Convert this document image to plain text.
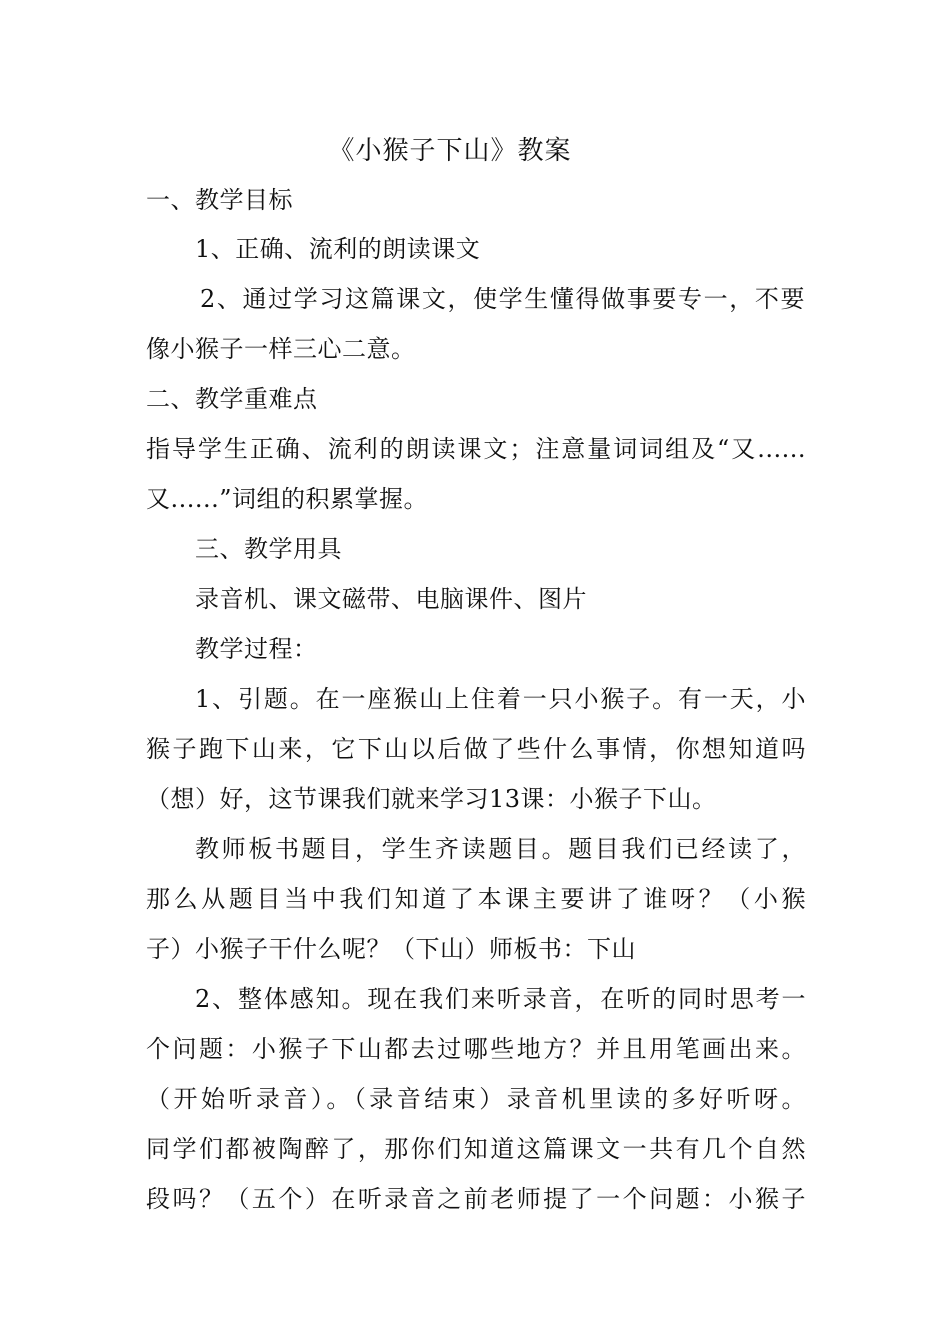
《小猴子下山》教案
一、教学目标
1、正确、流利的朗读课文
2、通过学习这篇课文，使学生懂得做事要专一，不要
像小猴子一样三心二意。
二、教学重难点
指导学生正确、流利的朗读课文；注意量词词组及“又......
又......”词组的积累掌握。
三、教学用具
录音机、课文磁带、电脑课件、图片
教学过程：
1、引题。在一座猴山上住着一只小猴子。有一天，小
猴子跑下山来，它下山以后做了些什么事情，你想知道吗
（想）好，这节课我们就来学习13课：小猴子下山。
教师板书题目，学生齐读题目。题目我们已经读了，
那么从题目当中我们知道了本课主要讲了谁呀？（小猴
子）小猴子干什么呢？（下山）师板书：下山
2、整体感知。现在我们来听录音，在听的同时思考一
个问题：小猴子下山都去过哪些地方？并且用笔画出来。
（开始听录音）。（录音结束）录音机里读的多好听呀。
同学们都被陶醉了，那你们知道这篇课文一共有几个自然
段吗？（五个）在听录音之前老师提了一个问题：小猴子
